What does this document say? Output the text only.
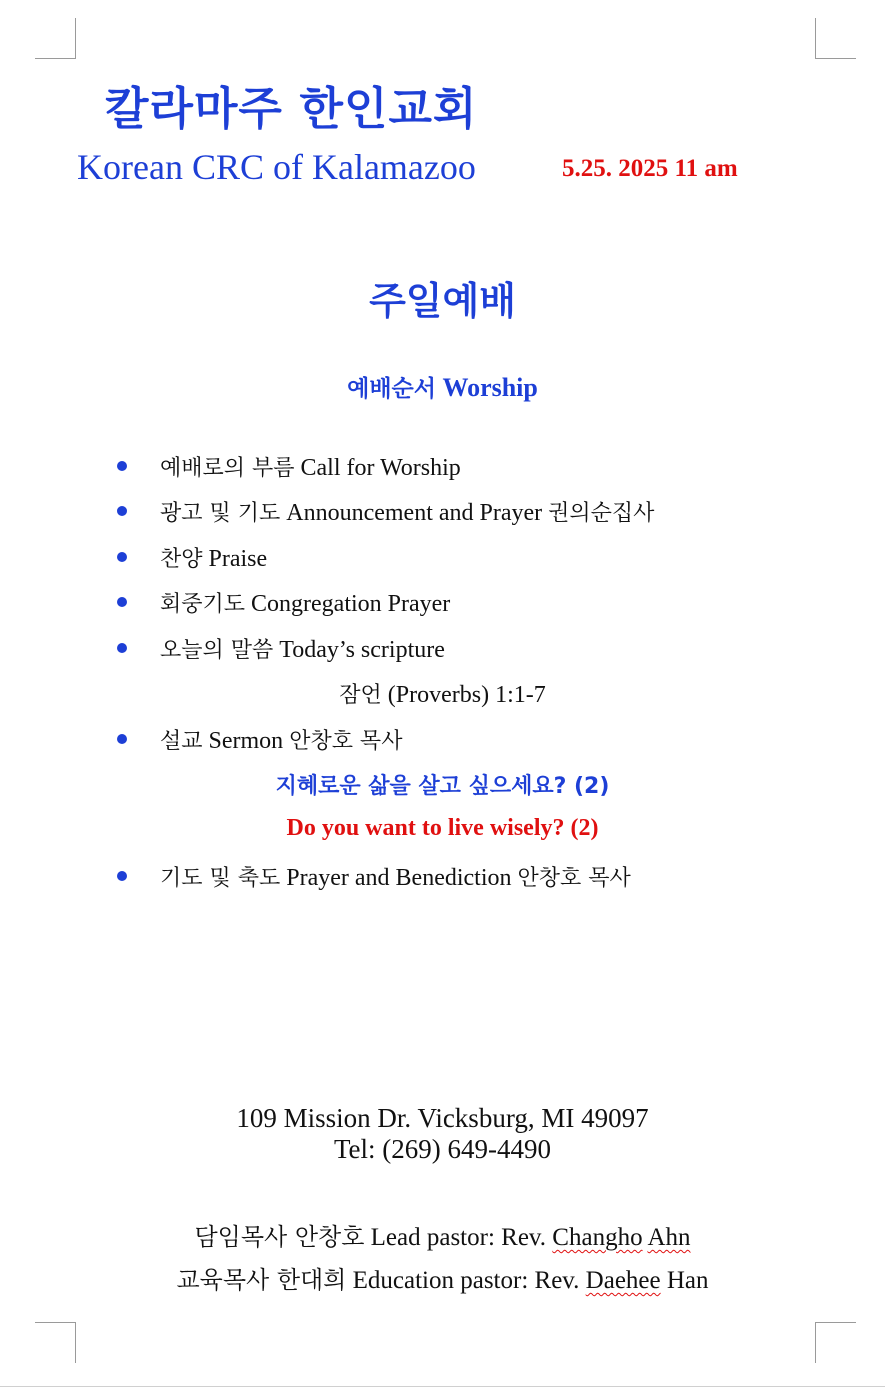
칼라마주 한인교회
Korean CRC of Kalamazoo	5.25. 2025 11 am
주일예배
예배순서 Worship
예배로의 부름 Call for Worship
광고 및 기도 Announcement and Prayer 권의순집사
찬양 Praise
회중기도 Congregation Prayer
오늘의 말씀 Today’s scripture
잠언 (Proverbs) 1:1-7
설교 Sermon 안창호 목사
지혜로운 삶을 살고 싶으세요? (2)
Do you want to live wisely? (2)
기도 및 축도 Prayer and Benediction 안창호 목사
109 Mission Dr. Vicksburg, MI 49097
Tel: (269) 649-4490
담임목사 안창호 Lead pastor: Rev. Changho Ahn
교육목사 한대희 Education pastor: Rev. Daehee Han
